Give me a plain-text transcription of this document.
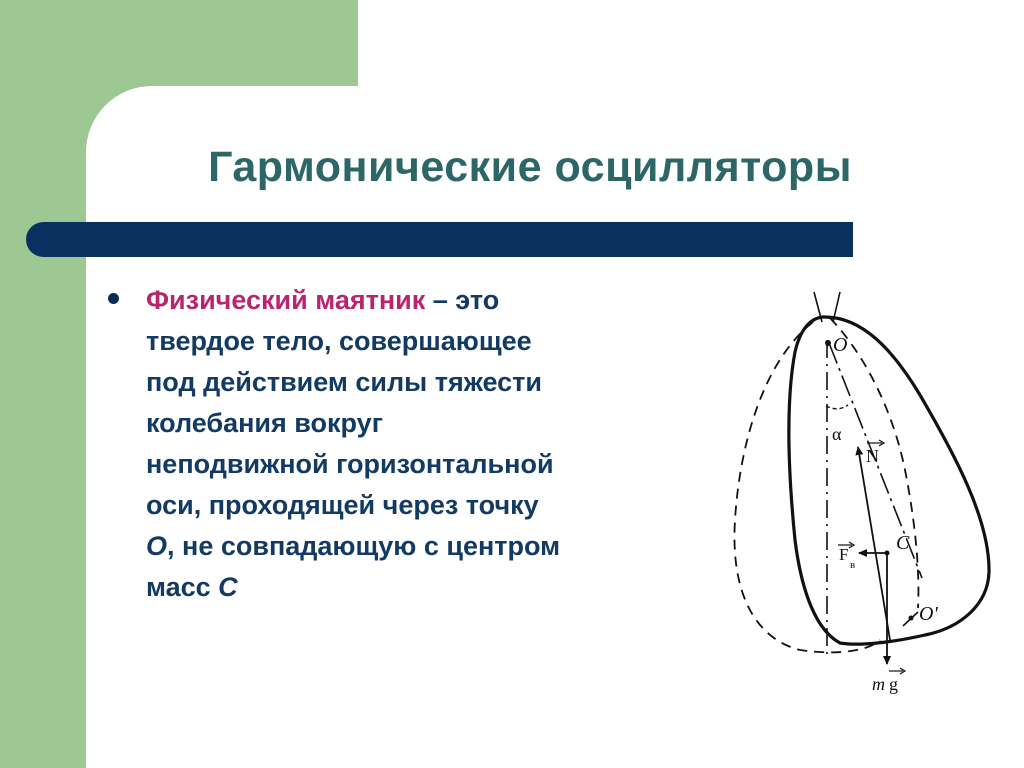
Гармонические осцилляторы
Физический маятник – это
твердое тело, совершающее
под действием силы тяжести
колебания вокруг
неподвижной горизонтальной
оси, проходящей через точку
O, не совпадающую с центром
масс C
O
α
N
C
F
в
O'
m g
